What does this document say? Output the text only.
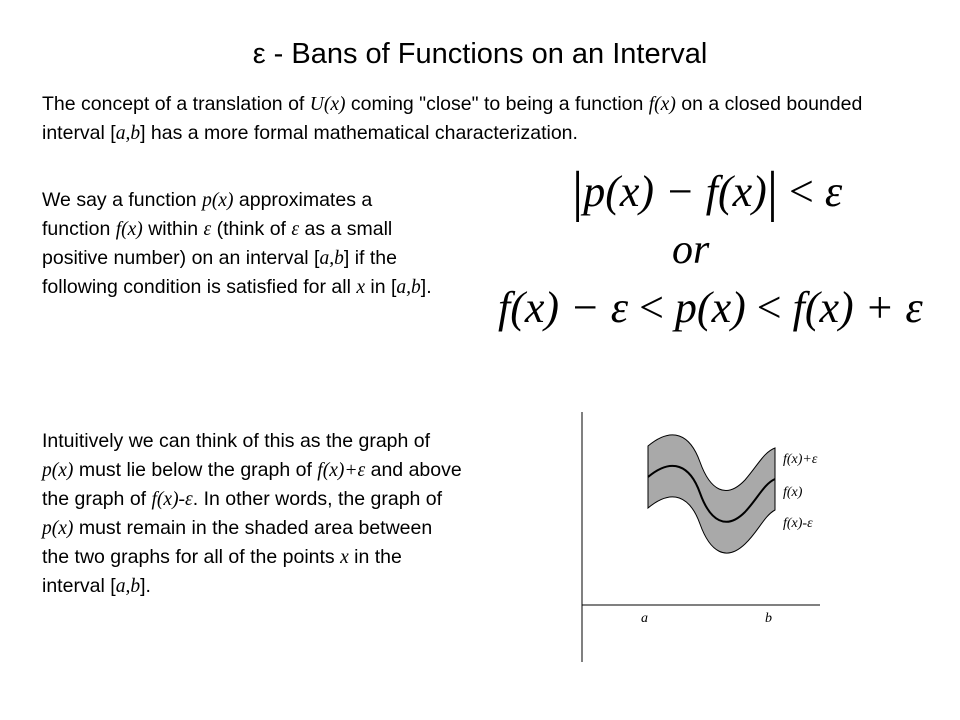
ε - Bans of Functions on an Interval
The concept of a translation of U(x) coming "close" to being a function f(x) on a closed bounded interval [a,b] has a more formal mathematical characterization.
We say a function p(x) approximates a function f(x) within ε (think of ε as a small positive number) on an interval [a,b] if the following condition is satisfied for all x in [a,b].
Intuitively we can think of this as the graph of p(x) must lie below the graph of f(x)+ε and above the graph of f(x)-ε. In other words, the graph of p(x) must remain in the shaded area between the two graphs for all of the points x in the interval [a,b].
|p(x) − f(x)| < ε
or
f(x) − ε < p(x) < f(x) + ε
f(x)+ε
f(x)
f(x)-ε
a	b
